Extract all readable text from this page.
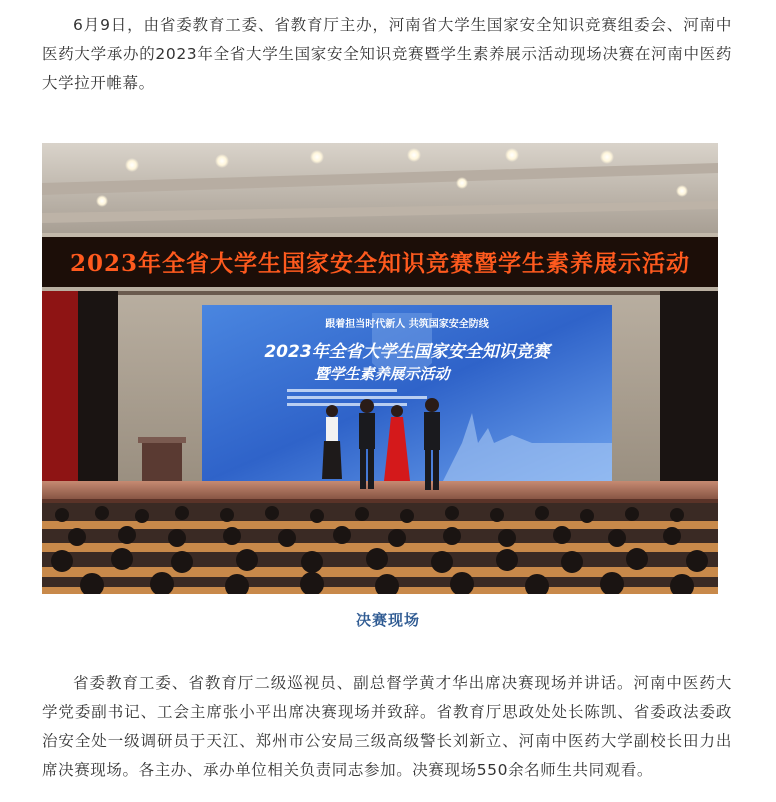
6月9日，由省委教育工委、省教育厅主办，河南省大学生国家安全知识竞赛组委会、河南中医药大学承办的2023年全省大学生国家安全知识竞赛暨学生素养展示活动现场决赛在河南中医药大学拉开帷幕。

2023年全省大学生国家安全知识竞赛暨学生素养展示活动
跟着担当时代新人 共筑国家安全防线
2023年全省大学生国家安全知识竞赛
暨学生素养展示活动
决赛现场

省委教育工委、省教育厅二级巡视员、副总督学黄才华出席决赛现场并讲话。河南中医药大学党委副书记、工会主席张小平出席决赛现场并致辞。省教育厅思政处处长陈凯、省委政法委政治安全处一级调研员于天江、郑州市公安局三级高级警长刘新立、河南中医药大学副校长田力出席决赛现场。各主办、承办单位相关负责同志参加。决赛现场550余名师生共同观看。
